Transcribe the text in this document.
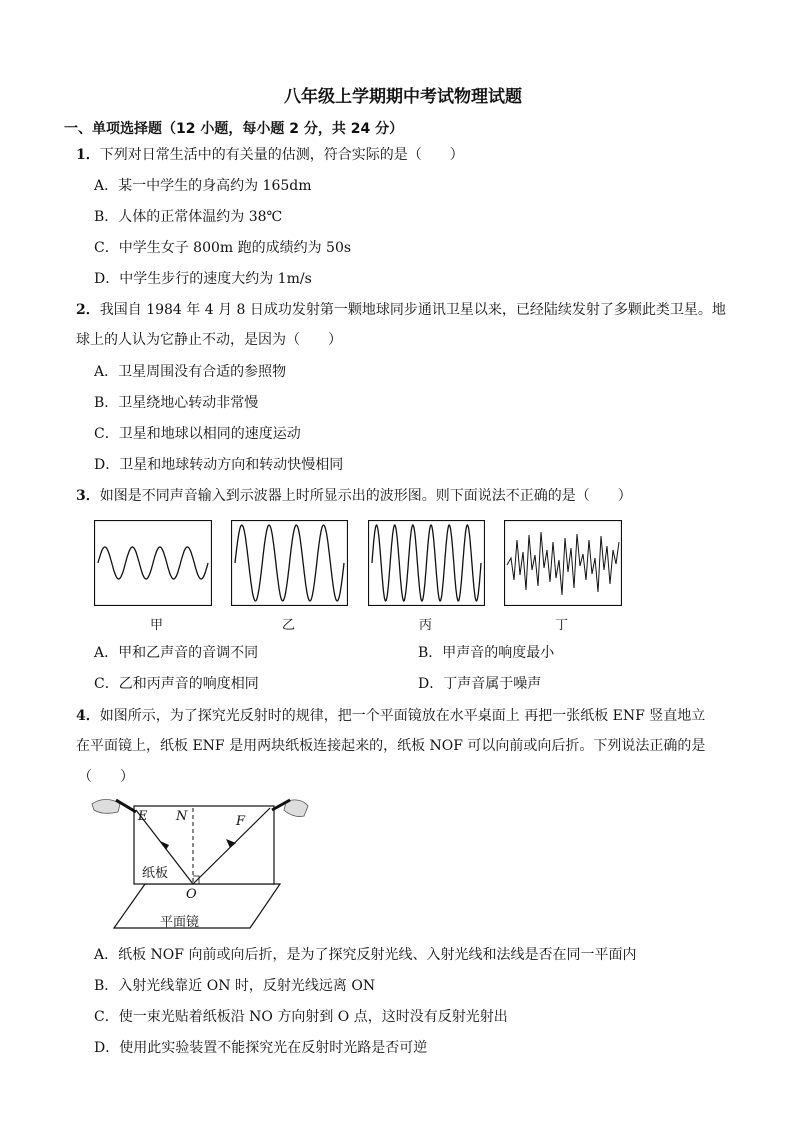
八年级上学期期中考试物理试题
一、单项选择题（12 小题，每小题 2 分，共 24 分）
1．下列对日常生活中的有关量的估测，符合实际的是（　　）
A．某一中学生的身高约为 165dm
B．人体的正常体温约为 38℃
C．中学生女子 800m 跑的成绩约为 50s
D．中学生步行的速度大约为 1m/s
2．我国自 1984 年 4 月 8 日成功发射第一颗地球同步通讯卫星以来，已经陆续发射了多颗此类卫星。地
球上的人认为它静止不动，是因为（　　）
A．卫星周围没有合适的参照物
B．卫星绕地心转动非常慢
C．卫星和地球以相同的速度运动
D．卫星和地球转动方向和转动快慢相同
3．如图是不同声音输入到示波器上时所显示出的波形图。则下面说法不正确的是（　　）
甲	乙	丙	丁
A．甲和乙声音的音调不同	B．甲声音的响度最小
C．乙和丙声音的响度相同	D．丁声音属于噪声
4．如图所示，为了探究光反射时的规律，把一个平面镜放在水平桌面上 再把一张纸板 ENF 竖直地立
在平面镜上，纸板 ENF 是用两块纸板连接起来的，纸板 NOF 可以向前或向后折。下列说法正确的是
（　　）
E N	F
O
纸板
平面镜
A．纸板 NOF 向前或向后折，是为了探究反射光线、入射光线和法线是否在同一平面内
B．入射光线靠近 ON 时，反射光线远离 ON
C．使一束光贴着纸板沿 NO 方向射到 O 点，这时没有反射光射出
D．使用此实验装置不能探究光在反射时光路是否可逆
